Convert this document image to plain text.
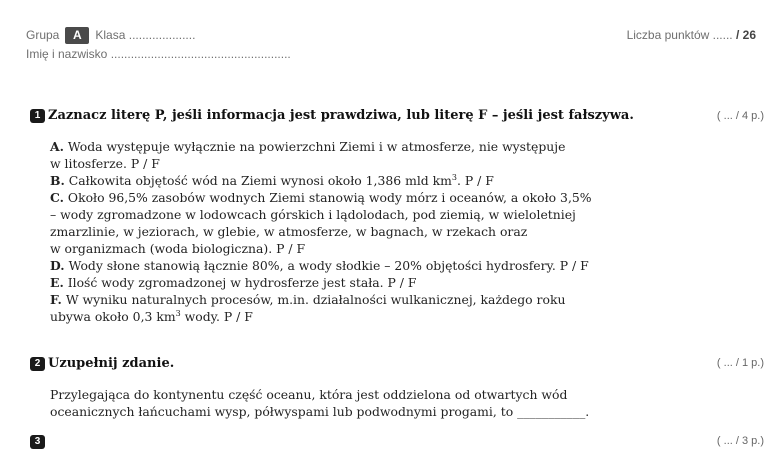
Grupa A Klasa ....................
Imię i nazwisko ......................................................
Liczba punktów ...... / 26
1 Zaznacz literę P, jeśli informacja jest prawdziwa, lub literę F – jeśli jest fałszywa.	( ... / 4 p.)

A. Woda występuje wyłącznie na powierzchni Ziemi i w atmosferze, nie występuje

w litosferze. P / F

B. Całkowita objętość wód na Ziemi wynosi około 1,386 mld $km^3$. P / F

C. Około 96,5% zasobów wodnych Ziemi stanowią wody mórz i oceanów, a około 3,5%

– wody zgromadzone w lodowcach górskich i lądolodach, pod ziemią, w wieloletniej

zmarzlinie, w jeziorach, w glebie, w atmosferze, w bagnach, w rzekach oraz

w organizmach (woda biologiczna). P / F

D. Wody słone stanowią łącznie 80%, a wody słodkie – 20% objętości hydrosfery. P / F

E. Ilość wody zgromadzonej w hydrosferze jest stała. P / F

F. W wyniku naturalnych procesów, m.in. działalności wulkanicznej, każdego roku

ubywa około 0,3 $km^3$ wody. P / F

2 Uzupełnij zdanie.	( ... / 1 p.)

Przylegająca do kontynentu część oceanu, która jest oddzielona od otwartych wód

oceanicznych łańcuchami wysp, półwyspami lub podwodnymi progami, to ___________.

3	( ... / 3 p.)
